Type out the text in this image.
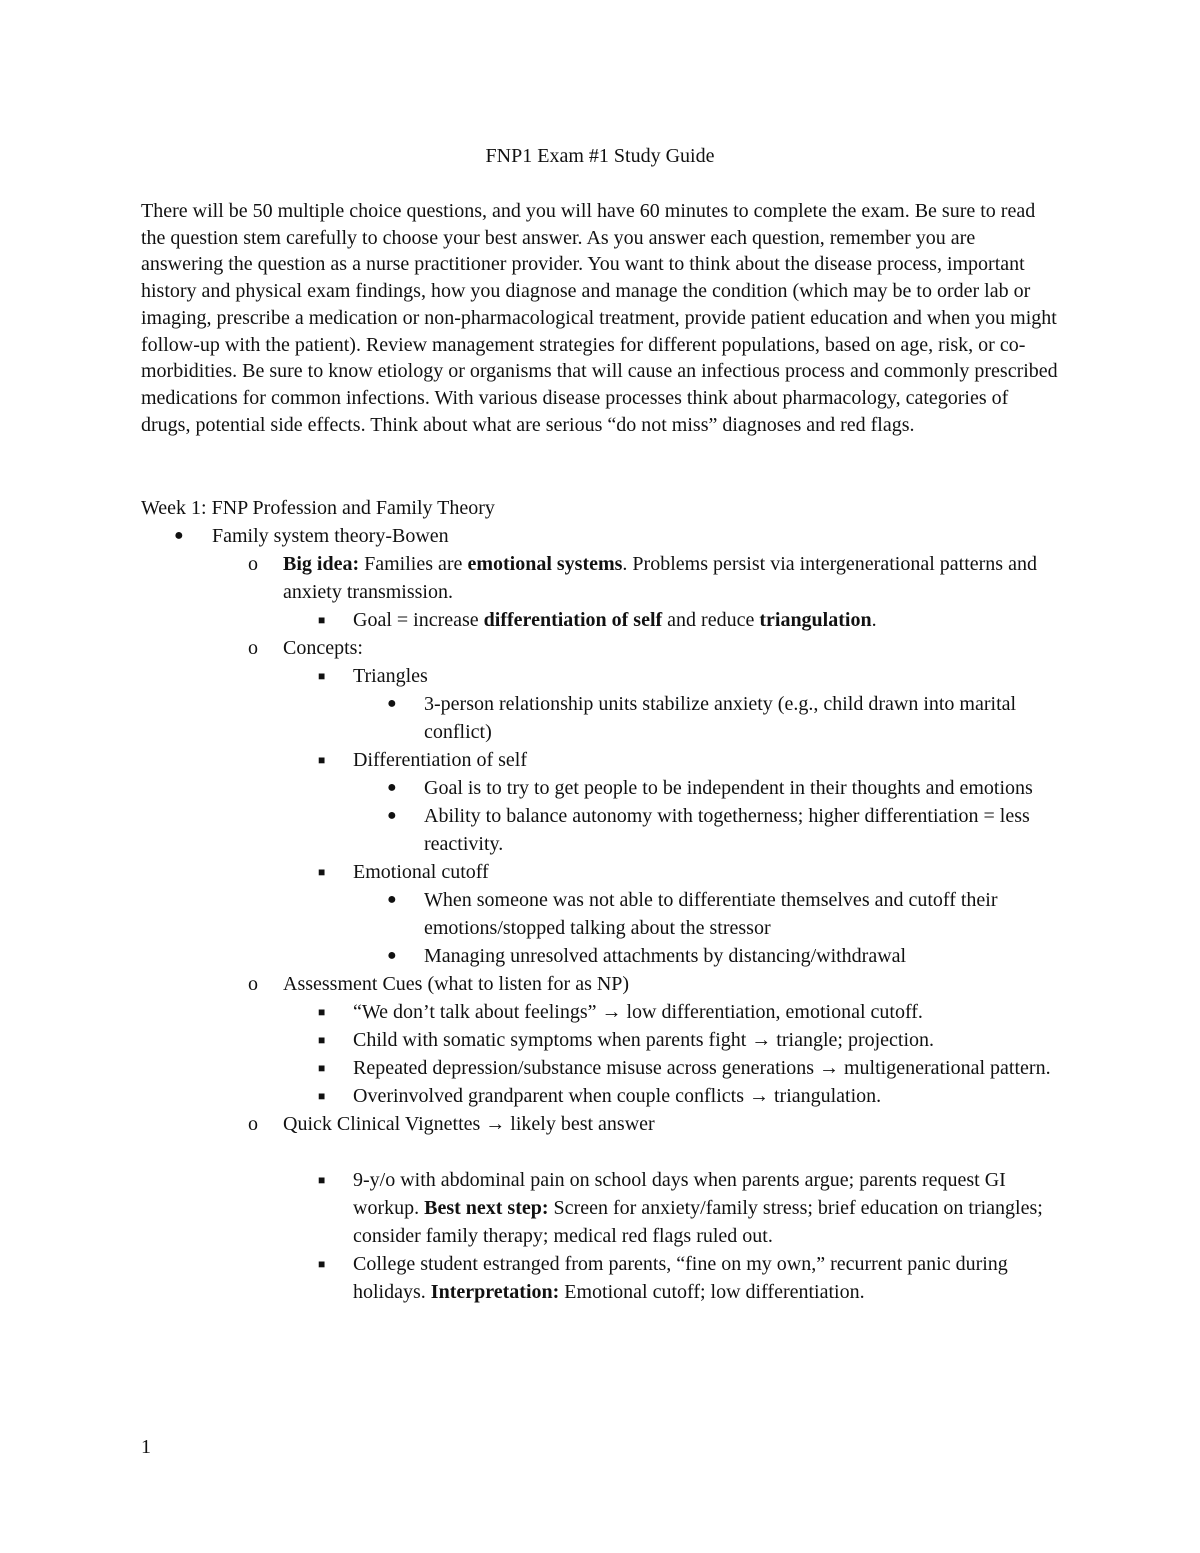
FNP1 Exam #1 Study Guide

There will be 50 multiple choice questions, and you will have 60 minutes to complete the exam. Be sure to read the question stem carefully to choose your best answer. As you answer each question, remember you are answering the question as a nurse practitioner provider. You want to think about the disease process, important history and physical exam findings, how you diagnose and manage the condition (which may be to order lab or imaging, prescribe a medication or non-pharmacological treatment, provide patient education and when you might follow-up with the patient). Review management strategies for different populations, based on age, risk, or co-morbidities. Be sure to know etiology or organisms that will cause an infectious process and commonly prescribed medications for common infections. With various disease processes think about pharmacology, categories of drugs, potential side effects. Think about what are serious “do not miss” diagnoses and red flags.

Week 1: FNP Profession and Family Theory
● Family system theory-Bowen
o Big idea: Families are emotional systems. Problems persist via intergenerational patterns and anxiety transmission.
■ Goal = increase differentiation of self and reduce triangulation.
o Concepts:
■ Triangles
● 3-person relationship units stabilize anxiety (e.g., child drawn into marital conflict)
■ Differentiation of self
● Goal is to try to get people to be independent in their thoughts and emotions
● Ability to balance autonomy with togetherness; higher differentiation = less reactivity.
■ Emotional cutoff
● When someone was not able to differentiate themselves and cutoff their emotions/stopped talking about the stressor
● Managing unresolved attachments by distancing/withdrawal
o Assessment Cues (what to listen for as NP)
■ “We don’t talk about feelings” → low differentiation, emotional cutoff.
■ Child with somatic symptoms when parents fight → triangle; projection.
■ Repeated depression/substance misuse across generations → multigenerational pattern.
■ Overinvolved grandparent when couple conflicts → triangulation.
o Quick Clinical Vignettes → likely best answer
■ 9-y/o with abdominal pain on school days when parents argue; parents request GI workup. Best next step: Screen for anxiety/family stress; brief education on triangles; consider family therapy; medical red flags ruled out.
■ College student estranged from parents, “fine on my own,” recurrent panic during holidays. Interpretation: Emotional cutoff; low differentiation.
1
